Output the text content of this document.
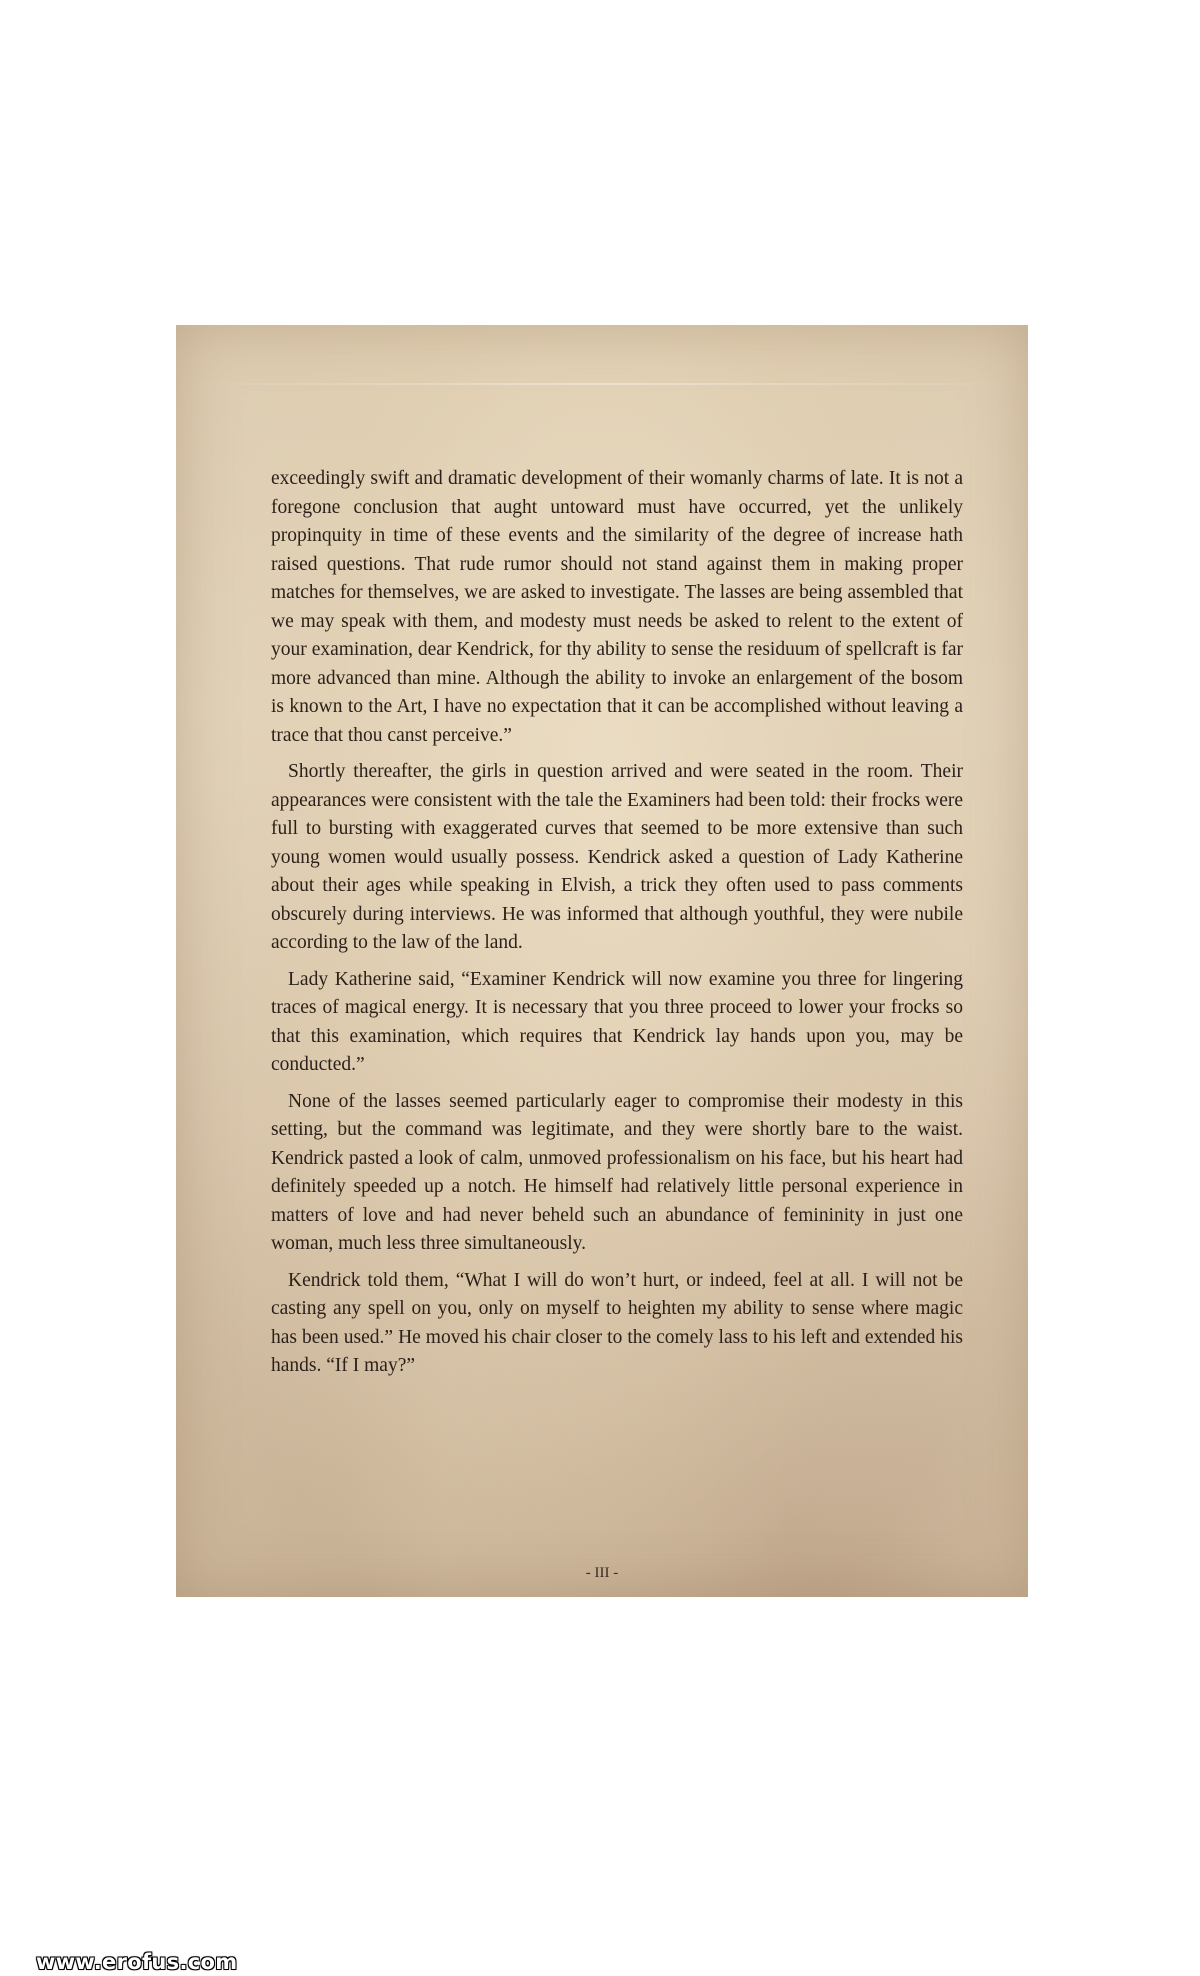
exceedingly swift and dramatic development of their womanly charms of late. It is not a foregone conclusion that aught untoward must have occurred, yet the unlikely propinquity in time of these events and the similarity of the degree of increase hath raised questions. That rude rumor should not stand against them in making proper matches for themselves, we are asked to investigate. The lasses are being assembled that we may speak with them, and modesty must needs be asked to relent to the extent of your examination, dear Kendrick, for thy ability to sense the residuum of spellcraft is far more advanced than mine. Although the ability to invoke an enlargement of the bosom is known to the Art, I have no expectation that it can be accomplished without leaving a trace that thou canst perceive.”

Shortly thereafter, the girls in question arrived and were seated in the room. Their appearances were consistent with the tale the Examiners had been told: their frocks were full to bursting with exaggerated curves that seemed to be more extensive than such young women would usually possess. Kendrick asked a question of Lady Katherine about their ages while speaking in Elvish, a trick they often used to pass comments obscurely during interviews. He was informed that although youthful, they were nubile according to the law of the land.

Lady Katherine said, “Examiner Kendrick will now examine you three for lingering traces of magical energy. It is necessary that you three proceed to lower your frocks so that this examination, which requires that Kendrick lay hands upon you, may be conducted.”

None of the lasses seemed particularly eager to compromise their modesty in this setting, but the command was legitimate, and they were shortly bare to the waist. Kendrick pasted a look of calm, unmoved professionalism on his face, but his heart had definitely speeded up a notch. He himself had relatively little personal experience in matters of love and had never beheld such an abundance of femininity in just one woman, much less three simultaneously.

Kendrick told them, “What I will do won’t hurt, or indeed, feel at all. I will not be casting any spell on you, only on myself to heighten my ability to sense where magic has been used.” He moved his chair closer to the comely lass to his left and extended his hands. “If I may?”

- III -
www.erofus.com
